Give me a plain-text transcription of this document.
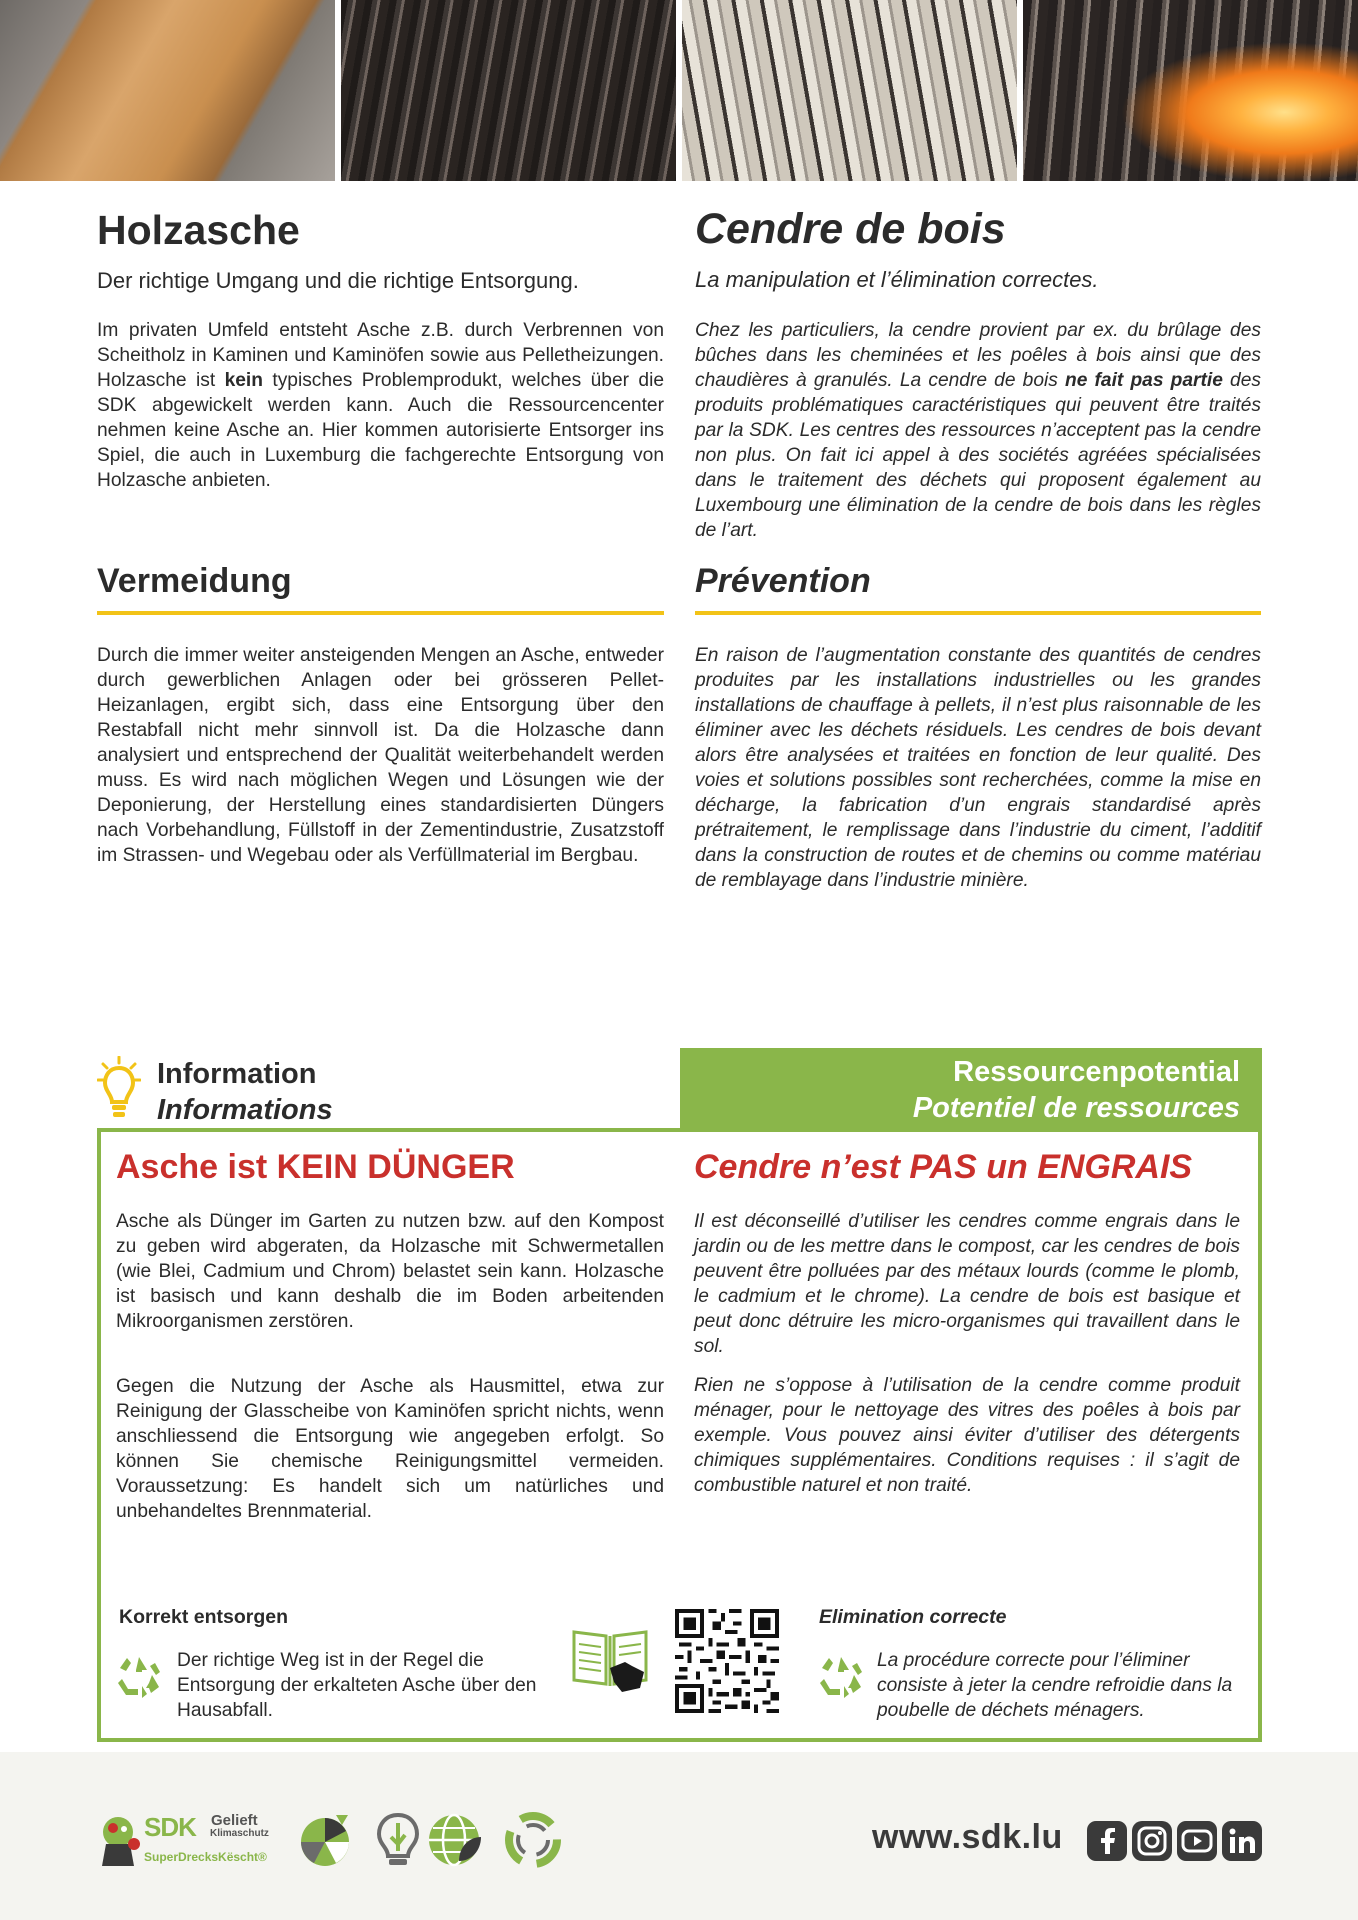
Holzasche
Der richtige Umgang und die richtige Entsorgung.

Im privaten Umfeld entsteht Asche z.B. durch Verbrennen von Scheitholz in Kaminen und Kaminöfen sowie aus Pelletheizungen. Holzasche ist kein typisches Problemprodukt, welches über die SDK abgewickelt werden kann. Auch die Ressourcencenter nehmen keine Asche an. Hier kommen autorisierte Entsorger ins Spiel, die auch in Luxemburg die fachgerechte Entsorgung von Holzasche anbieten.

Cendre de bois
La manipulation et l’élimination correctes.

Chez les particuliers, la cendre provient par ex. du brûlage des bûches dans les cheminées et les poêles à bois ainsi que des chaudières à granulés. La cendre de bois ne fait pas partie des produits problématiques caractéristiques qui peuvent être traités par la SDK. Les centres des ressources n’acceptent pas la cendre non plus. On fait ici appel à des sociétés agréées spécialisées dans le traitement des déchets qui proposent également au Luxembourg une élimination de la cendre de bois dans les règles de l’art.

Vermeidung	Prévention

Durch die immer weiter ansteigenden Mengen an Asche, entweder durch gewerblichen Anlagen oder bei grösseren Pellet-Heizanlagen, ergibt sich, dass eine Entsorgung über den Restabfall nicht mehr sinnvoll ist. Da die Holzasche dann analysiert und entsprechend der Qualität weiterbehandelt werden muss. Es wird nach möglichen Wegen und Lösungen wie der Deponierung, der Herstellung eines standardisierten Düngers nach Vorbehandlung, Füllstoff in der Zementindustrie, Zusatzstoff im Strassen- und Wegebau oder als Verfüllmaterial im Bergbau.

En raison de l’augmentation constante des quantités de cendres produites par les installations industrielles ou les grandes installations de chauffage à pellets, il n’est plus raisonnable de les éliminer avec les déchets résiduels. Les cendres de bois devant alors être analysées et traitées en fonction de leur qualité. Des voies et solutions possibles sont recherchées, comme la mise en décharge, la fabrication d’un engrais standardisé après prétraitement, le remplissage dans l’industrie du ciment, l’additif dans la construction de routes et de chemins ou comme matériau de remblayage dans l’industrie minière.

Information
Informations
Ressourcenpotential
Potentiel de ressources
Asche ist KEIN DÜNGER

Asche als Dünger im Garten zu nutzen bzw. auf den Kompost zu geben wird abgeraten, da Holzasche mit Schwermetallen (wie Blei, Cadmium und Chrom) belastet sein kann. Holzasche ist basisch und kann deshalb die im Boden arbeitenden Mikroorganismen zerstören.

Gegen die Nutzung der Asche als Hausmittel, etwa zur Reinigung der Glasscheibe von Kaminöfen spricht nichts, wenn anschliessend die Entsorgung wie angegeben erfolgt. So können Sie chemische Reinigungsmittel vermeiden. Voraussetzung: Es handelt sich um natürliches und unbehandeltes Brennmaterial.

Cendre n’est PAS un ENGRAIS

Il est déconseillé d’utiliser les cendres comme engrais dans le jardin ou de les mettre dans le compost, car les cendres de bois peuvent être polluées par des métaux lourds (comme le plomb, le cadmium et le chrome). La cendre de bois est basique et peut donc détruire les micro-organismes qui travaillent dans le sol.

Rien ne s’oppose à l’utilisation de la cendre comme produit ménager, pour le nettoyage des vitres des poêles à bois par exemple. Vous pouvez ainsi éviter d’utiliser des détergents chimiques supplémentaires. Conditions requises : il s’agit de combustible naturel et non traité.

Korrekt entsorgen
Der richtige Weg ist in der Regel die Entsorgung der erkalteten Asche über den Hausabfall.
Elimination correcte
La procédure correcte pour l’éliminer consiste à jeter la cendre refroidie dans la poubelle de déchets ménagers.
SDK Gelieft
Klimaschutz
SuperDrecksKëscht®
www.sdk.lu
